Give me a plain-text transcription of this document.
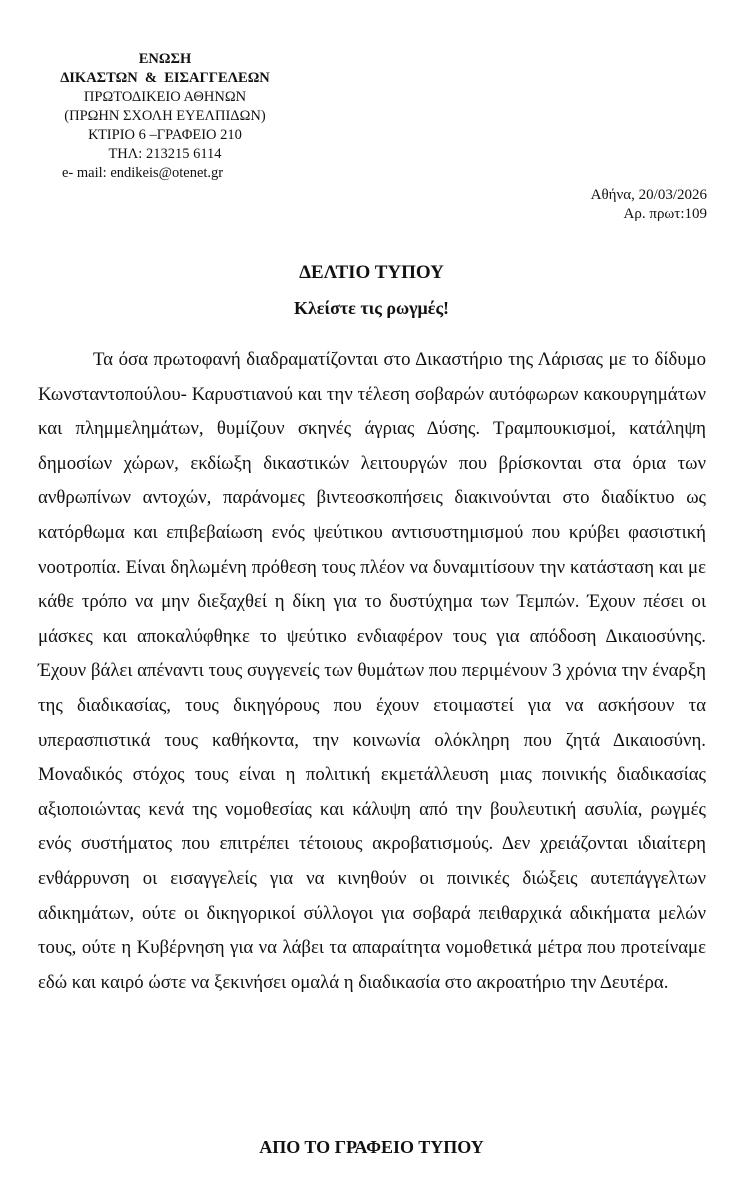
ΕΝΩΣΗ
ΔΙΚΑΣΤΩΝ  &  ΕΙΣΑΓΓΕΛΕΩΝ
ΠΡΩΤΟΔΙΚΕΙΟ ΑΘΗΝΩΝ
(ΠΡΩΗΝ ΣΧΟΛΗ ΕΥΕΛΠΙΔΩΝ)
ΚΤΙΡΙΟ 6 –ΓΡΑΦΕΙΟ 210
ΤΗΛ: 213215 6114
e- mail: endikeis@otenet.gr
Αθήνα, 20/03/2026
Αρ. πρωτ:109
ΔΕΛΤΙΟ ΤΥΠΟΥ
Κλείστε τις ρωγμές!

Τα όσα πρωτοφανή διαδραματίζονται στο Δικαστήριο της Λάρισας με το δίδυμο Κωνσταντοπούλου- Καρυστιανού και την τέλεση σοβαρών αυτόφωρων κακουργημάτων και πλημμελημάτων, θυμίζουν σκηνές άγριας Δύσης. Τραμπουκισμοί, κατάληψη δημοσίων χώρων, εκδίωξη δικαστικών λειτουργών που βρίσκονται στα όρια των ανθρωπίνων αντοχών, παράνομες βιντεοσκοπήσεις διακινούνται στο διαδίκτυο ως κατόρθωμα και επιβεβαίωση ενός ψεύτικου αντισυστημισμού που κρύβει φασιστική νοοτροπία. Είναι δηλωμένη πρόθεση τους πλέον να δυναμιτίσουν την κατάσταση και με κάθε τρόπο να μην διεξαχθεί η δίκη για το δυστύχημα των Τεμπών. Έχουν πέσει οι μάσκες και αποκαλύφθηκε το ψεύτικο ενδιαφέρον τους για απόδοση Δικαιοσύνης. Έχουν βάλει απέναντι τους συγγενείς των θυμάτων που περιμένουν 3 χρόνια την έναρξη της διαδικασίας, τους δικηγόρους που έχουν ετοιμαστεί για να ασκήσουν τα υπερασπιστικά τους καθήκοντα, την κοινωνία ολόκληρη που ζητά Δικαιοσύνη. Μοναδικός στόχος τους είναι η πολιτική εκμετάλλευση μιας ποινικής διαδικασίας αξιοποιώντας κενά της νομοθεσίας και κάλυψη από την βουλευτική ασυλία, ρωγμές ενός συστήματος που επιτρέπει τέτοιους ακροβατισμούς. Δεν χρειάζονται ιδιαίτερη ενθάρρυνση οι εισαγγελείς για να κινηθούν οι ποινικές διώξεις αυτεπάγγελτων αδικημάτων, ούτε οι δικηγορικοί σύλλογοι για σοβαρά πειθαρχικά αδικήματα μελών τους, ούτε η Κυβέρνηση για να λάβει τα απαραίτητα νομοθετικά μέτρα που προτείναμε εδώ και καιρό ώστε να ξεκινήσει ομαλά η διαδικασία στο ακροατήριο την Δευτέρα.

ΑΠΟ ΤΟ ΓΡΑΦΕΙΟ ΤΥΠΟΥ
